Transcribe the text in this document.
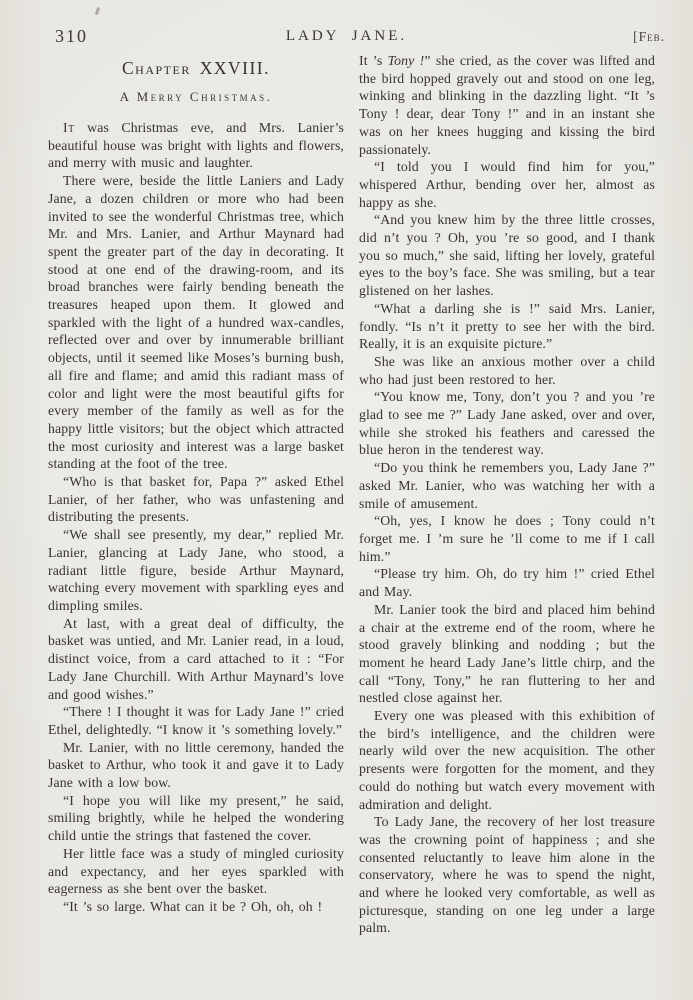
310	LADY JANE.	[Feb.
Chapter XXVIII.
A Merry Christmas.

It was Christmas eve, and Mrs. Lanier’s beautiful house was bright with lights and flowers, and merry with music and laughter.

There were, beside the little Laniers and Lady Jane, a dozen children or more who had been invited to see the wonderful Christmas tree, which Mr. and Mrs. Lanier, and Arthur Maynard had spent the greater part of the day in decorating. It stood at one end of the drawing-room, and its broad branches were fairly bending beneath the treasures heaped upon them. It glowed and sparkled with the light of a hundred wax-candles, reflected over and over by innumerable brilliant objects, until it seemed like Moses’s burning bush, all fire and flame; and amid this radiant mass of color and light were the most beautiful gifts for every member of the family as well as for the happy little visitors; but the object which attracted the most curiosity and interest was a large basket standing at the foot of the tree.

“Who is that basket for, Papa ?” asked Ethel Lanier, of her father, who was unfastening and distributing the presents.

“We shall see presently, my dear,” replied Mr. Lanier, glancing at Lady Jane, who stood, a radiant little figure, beside Arthur Maynard, watching every movement with sparkling eyes and dimpling smiles.

At last, with a great deal of difficulty, the basket was untied, and Mr. Lanier read, in a loud, distinct voice, from a card attached to it : “For Lady Jane Churchill. With Arthur Maynard’s love and good wishes.”

“There ! I thought it was for Lady Jane !” cried Ethel, delightedly. “I know it ’s something lovely.”

Mr. Lanier, with no little ceremony, handed the basket to Arthur, who took it and gave it to Lady Jane with a low bow.

“I hope you will like my present,” he said, smiling brightly, while he helped the wondering child untie the strings that fastened the cover.

Her little face was a study of mingled curiosity and expectancy, and her eyes sparkled with eagerness as she bent over the basket.

“It ’s so large. What can it be ? Oh, oh, oh !

It ’s Tony !” she cried, as the cover was lifted and the bird hopped gravely out and stood on one leg, winking and blinking in the dazzling light. “It ’s Tony ! dear, dear Tony !” and in an instant she was on her knees hugging and kissing the bird passionately.

“I told you I would find him for you,” whispered Arthur, bending over her, almost as happy as she.

“And you knew him by the three little crosses, did n’t you ? Oh, you ’re so good, and I thank you so much,” she said, lifting her lovely, grateful eyes to the boy’s face. She was smiling, but a tear glistened on her lashes.

“What a darling she is !” said Mrs. Lanier, fondly. “Is n’t it pretty to see her with the bird. Really, it is an exquisite picture.”

She was like an anxious mother over a child who had just been restored to her.

“You know me, Tony, don’t you ? and you ’re glad to see me ?” Lady Jane asked, over and over, while she stroked his feathers and caressed the blue heron in the tenderest way.

“Do you think he remembers you, Lady Jane ?” asked Mr. Lanier, who was watching her with a smile of amusement.

“Oh, yes, I know he does ; Tony could n’t forget me. I ’m sure he ’ll come to me if I call him.”

“Please try him. Oh, do try him !” cried Ethel and May.

Mr. Lanier took the bird and placed him behind a chair at the extreme end of the room, where he stood gravely blinking and nodding ; but the moment he heard Lady Jane’s little chirp, and the call “Tony, Tony,” he ran fluttering to her and nestled close against her.

Every one was pleased with this exhibition of the bird’s intelligence, and the children were nearly wild over the new acquisition. The other presents were forgotten for the moment, and they could do nothing but watch every movement with admiration and delight.

To Lady Jane, the recovery of her lost treasure was the crowning point of happiness ; and she consented reluctantly to leave him alone in the conservatory, where he was to spend the night, and where he looked very comfortable, as well as picturesque, standing on one leg under a large palm.
